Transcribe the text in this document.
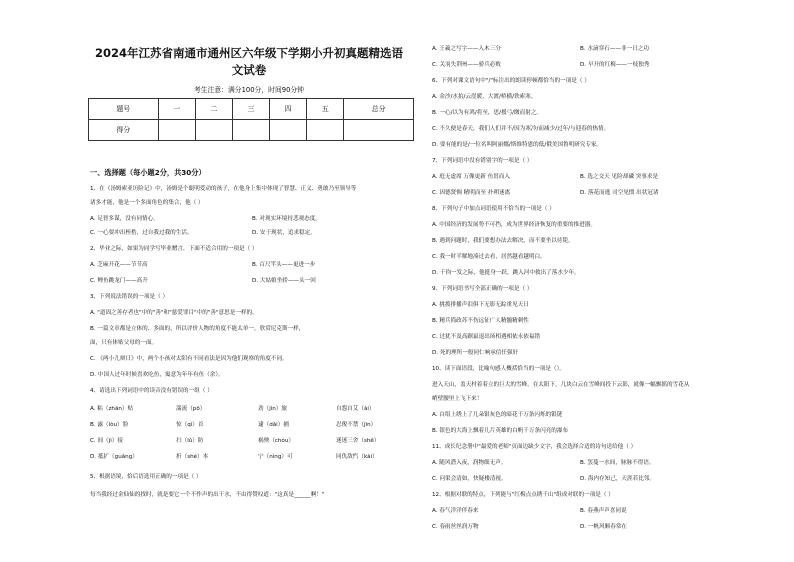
2024年江苏省南通市通州区六年级下学期小升初真题精选语
文试卷
考生注意：满分100分，时间90分钟
题号	一	二	三	四	五	总分
得分						
一、选择题（每小题2分，共30分）
1、在《汤姆索亚历险记》中，汤姆是个聪明爱动的孩子，在他身上集中体现了智慧、正义、勇敢乃至领导等
诸多才能，他是一个多面角色的集合，他（ ）
A. 足智多谋，没有同情心。	B. 对现实环境持悲观态度。
C. 一心要冲出桎梏，过自我过我的生活。	D. 安于现状，追求稳定。
2、毕业之际，如果为同学写毕业赠言，下面不适合用的一项是（ ）
A. 芝麻开花——节节高	B. 百尺竿头——更进一步
C. 鲤鱼跳龙门——高升	D. 大姑娘坐轿——头一回
3、下列说法错误的一项是（ ）
A. "道固之善存者也"中的"善"和"慈爱罪目"中的"善"意思是一样的。
B. 一篇文章都是立体的、多面的，所以评价人物的角度不能太单一，欣赏尼克斯一样，
面，只有体贴父母的一面。
C. 《两小儿辩日》中，两个小孩对太阳有不同看法是因为他们观察的角度不同。
D. 中国人过年时候喜欢吃鱼，寓意为年年有鱼（余）。
4、请选出下列词语中的读音没有错误的一组（ ）
A. 粘（zhān）贴	湍流（pō）	劲（jìn）旅	自怨自艾（ài）
B. 露（lòu）脸	惊（qì）首	逮（dǎi）捕	忍俊不禁（jīn）
C. 间（jì）接	扫（lǔ）防	祸殃（chóu）	迷迷三舍（shě）
D. 抵扩（guǎng）	折（shé）本	宁（nìng）可	同仇敌忾（kài）
5、根据语境，恰后语选用正确的一项是（ ）
每当我经过金仙仙的找时，就是要它一个不作声的出干水，不由得赞叹道："这真是______啊！"
A. 王羲之写字——入木三分	B. 水滴穿石——非一日之功
C. 关羽失荆州——骄兵必败	D. 早开的红梅——一枝独秀
6、下列对课文语句中"/"标注出的朗读停顿都恰当的一项是（ ）
A. 金沙/水拍/云崖暖，大渡/桥横/铁索寒。
B. 一心/以为有鸿/将至，思/援弓/缴而射之。
C. 不久便是春天，我们人们并不/因为寒冷/而减少/过年/与迎春的热情。
D. 要有能的是/一位名叫阿丽娜/斯维特恩的低/俄美国鲁明研究专家。
7、下列词语中没有错别字的一项是（ ）
A. 庭无虚席 万像更新 鱼贯而入	B. 选之交天 见险却磷 突事求是
C. 因德贤惆 精明而至 扑朔迷离	D. 落花而逃 司空见惯 出状冠诸
8、下列句子中加点词语使用不恰当的一项是（ ）
A. 中国经济的发展势不可挡，成为世界经济恢复的重要的推进器。
B. 遇到问题时，我们要想办法去解决，而不要坐以待毙。
C. 我一时半解地凑过去看，居然越看越明白。
D. 千钧一发之际，他挺身一跃，跳入河中救出了落水少年。
9、下列词语书写全部正确的一项是（ ）
A. 挑拨排播声泪俱下无影无踪重见天日
B. 精兵简政苏不伤远征广人精髓精刺性
C. 过犹不及高踞鼠退出场相遇相依永依福错
D. 死的理所一般同仁响承信任强奸
10、读下面语段，比喻句感人概括恰当的一项是（）。
进入天山，盖天村着着立的巨大的雪峰，在太阳下，几块白云在雪峰间投下云影，就像一幅飘摇的雪花从
峭壁腰里上飞下来！
A. 白绢上绣上了几朵银灰色的暗花千万条闪烁的银链
B. 银色的大海上飘着几片英雄的白帆千万条闪亮的瀑布
11、成长纪念册中"最爱的老师"页面边缺少文字，我会选择合适的诗句送给他（ ）
A. 随风潜入夜，润物细无声。	B. 罢蔓一水间，脉脉不得语。
C. 问渠会清如，快疑楼清视。	D. 海内存知己，天涯若比邻。
12、根据对联的特点，下列能与"红梅点点绣千山"组成对联的一项是（ ）
A. 春气洋洋伴春来	B. 春燕声声喜同说
C. 春雨丝丝润万物	D. 一帆风顺春常在
